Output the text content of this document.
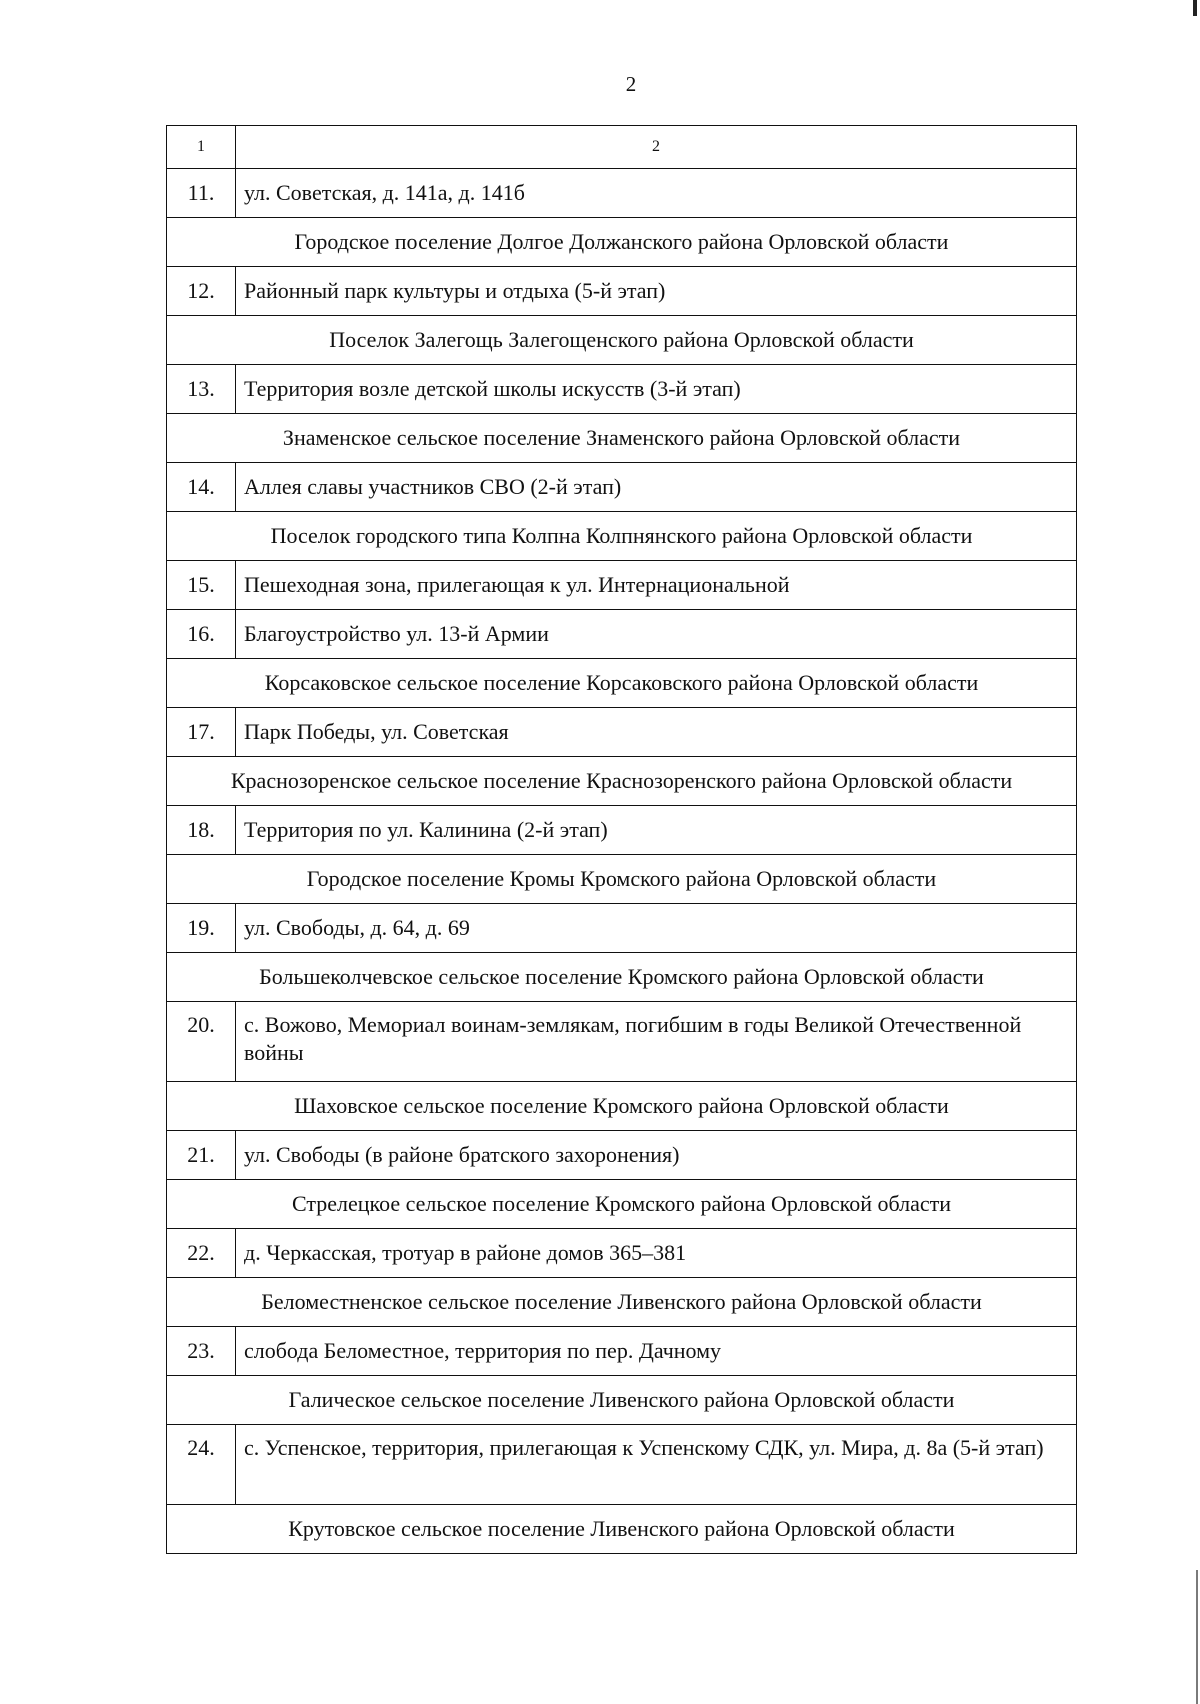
2
1	2
11.	ул. Советская, д. 141а, д. 141б
Городское поселение Долгое Должанского района Орловской области	
12.	Районный парк культуры и отдыха (5-й этап)
Поселок Залегощь Залегощенского района Орловской области	
13.	Территория возле детской школы искусств (3-й этап)
Знаменское сельское поселение Знаменского района Орловской области	
14.	Аллея славы участников СВО (2-й этап)
Поселок городского типа Колпна Колпнянского района Орловской области	
15.	Пешеходная зона, прилегающая к ул. Интернациональной
16.	Благоустройство ул. 13-й Армии
Корсаковское сельское поселение Корсаковского района Орловской области	
17.	Парк Победы, ул. Советская
Краснозоренское сельское поселение Краснозоренского района Орловской области	
18.	Территория по ул. Калинина (2-й этап)
Городское поселение Кромы Кромского района Орловской области	
19.	ул. Свободы, д. 64, д. 69
Большеколчевское сельское поселение Кромского района Орловской области	
20.	с. Вожово, Мемориал воинам-землякам, погибшим в годы Великой Отечественной войны
Шаховское сельское поселение Кромского района Орловской области	
21.	ул. Свободы (в районе братского захоронения)
Стрелецкое сельское поселение Кромского района Орловской области	
22.	д. Черкасская, тротуар в районе домов 365–381
Беломестненское сельское поселение Ливенского района Орловской области	
23.	слобода Беломестное, территория по пер. Дачному
Галическое сельское поселение Ливенского района Орловской области	
24.	с. Успенское, территория, прилегающая к Успенскому СДК, ул. Мира, д. 8а (5-й этап)
Крутовское сельское поселение Ливенского района Орловской области	
